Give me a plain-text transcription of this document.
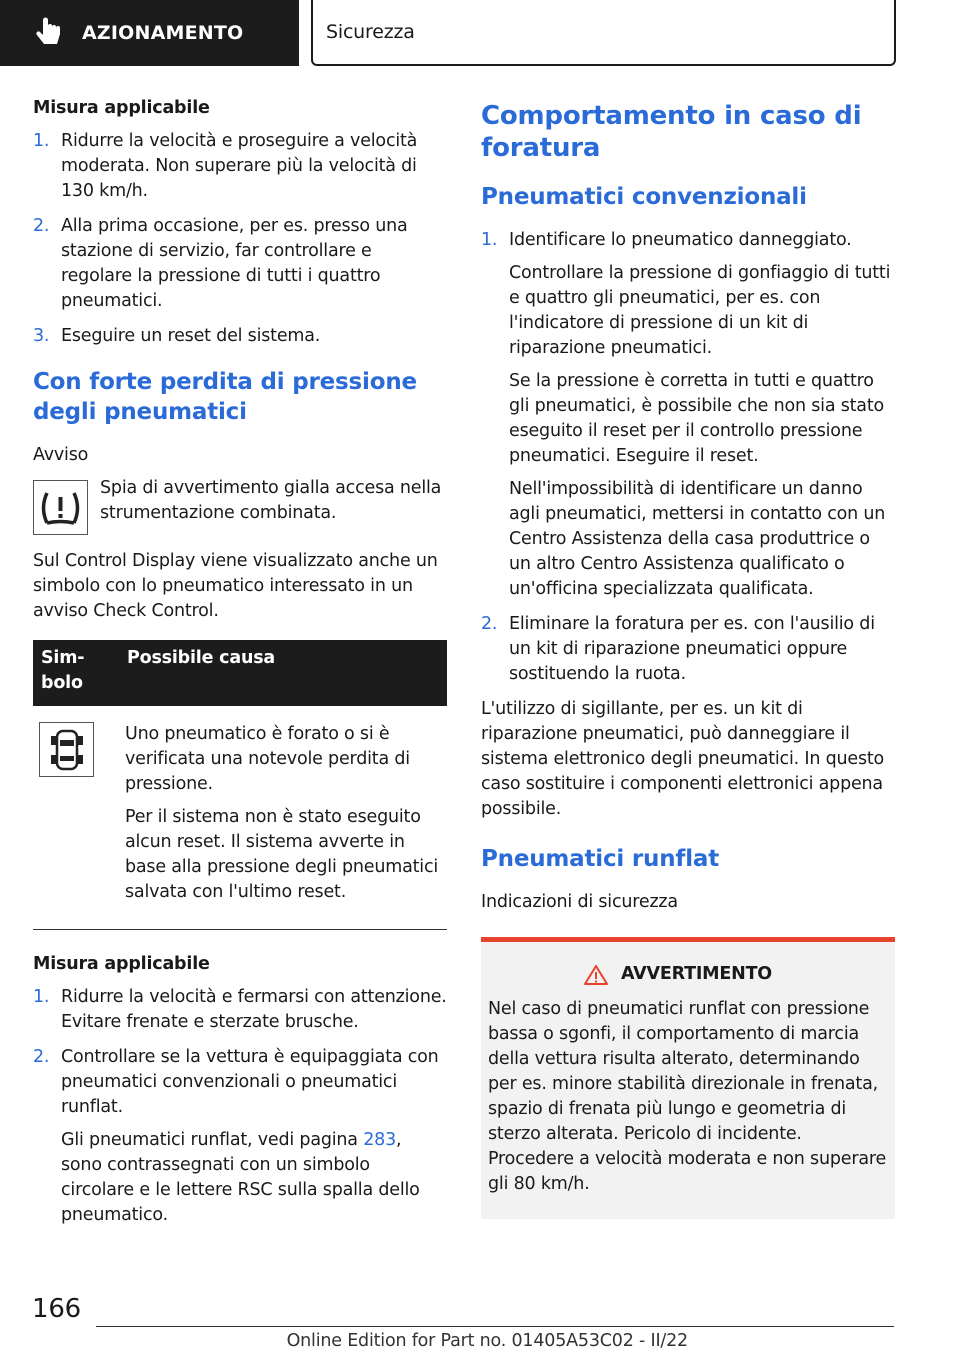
AZIONAMENTO	Sicurezza
Misura applicabile
1. Ridurre la velocità e proseguire a velocità moderata. Non superare più la velocità di 130 km/h.

2. Alla prima occasione, per es. presso una stazione di servizio, far controllare e regolare la pressione di tutti i quattro pneumatici.

3. Eseguire un reset del sistema.

Con forte perdita di pressione degli pneumatici
Avviso

Spia di avvertimento gialla accesa nella strumentazione combinata.

Sul Control Display viene visualizzato anche un simbolo con lo pneumatico interessato in un avviso Check Control.

Sim-bolo	Possibile causa

Uno pneumatico è forato o si è verificata una notevole perdita di pressione.

Per il sistema non è stato eseguito alcun reset. Il sistema avverte in base alla pressione degli pneumatici salvata con l'ultimo reset.

Misura applicabile
1. Ridurre la velocità e fermarsi con attenzione. Evitare frenate e sterzate brusche.

2. Controllare se la vettura è equipaggiata con pneumatici convenzionali o pneumatici runflat.

Gli pneumatici runflat, vedi pagina 283, sono contrassegnati con un simbolo circolare e le lettere RSC sulla spalla dello pneumatico.

Comportamento in caso di foratura
Pneumatici convenzionali
1. Identificare lo pneumatico danneggiato.

Controllare la pressione di gonfiaggio di tutti e quattro gli pneumatici, per es. con l'indicatore di pressione di un kit di riparazione pneumatici.

Se la pressione è corretta in tutti e quattro gli pneumatici, è possibile che non sia stato eseguito il reset per il controllo pressione pneumatici. Eseguire il reset.

Nell'impossibilità di identificare un danno agli pneumatici, mettersi in contatto con un Centro Assistenza della casa produttrice o un altro Centro Assistenza qualificato o un'officina specializzata qualificata.

2. Eliminare la foratura per es. con l'ausilio di un kit di riparazione pneumatici oppure sostituendo la ruota.

L'utilizzo di sigillante, per es. un kit di riparazione pneumatici, può danneggiare il sistema elettronico degli pneumatici. In questo caso sostituire i componenti elettronici appena possibile.

Pneumatici runflat
Indicazioni di sicurezza
AVVERTIMENTO

Nel caso di pneumatici runflat con pressione bassa o sgonfi, il comportamento di marcia della vettura risulta alterato, determinando per es. minore stabilità direzionale in frenata, spazio di frenata più lungo e geometria di sterzo alterata. Pericolo di incidente. Procedere a velocità moderata e non superare gli 80 km/h.

166
Online Edition for Part no. 01405A53C02 - II/22
